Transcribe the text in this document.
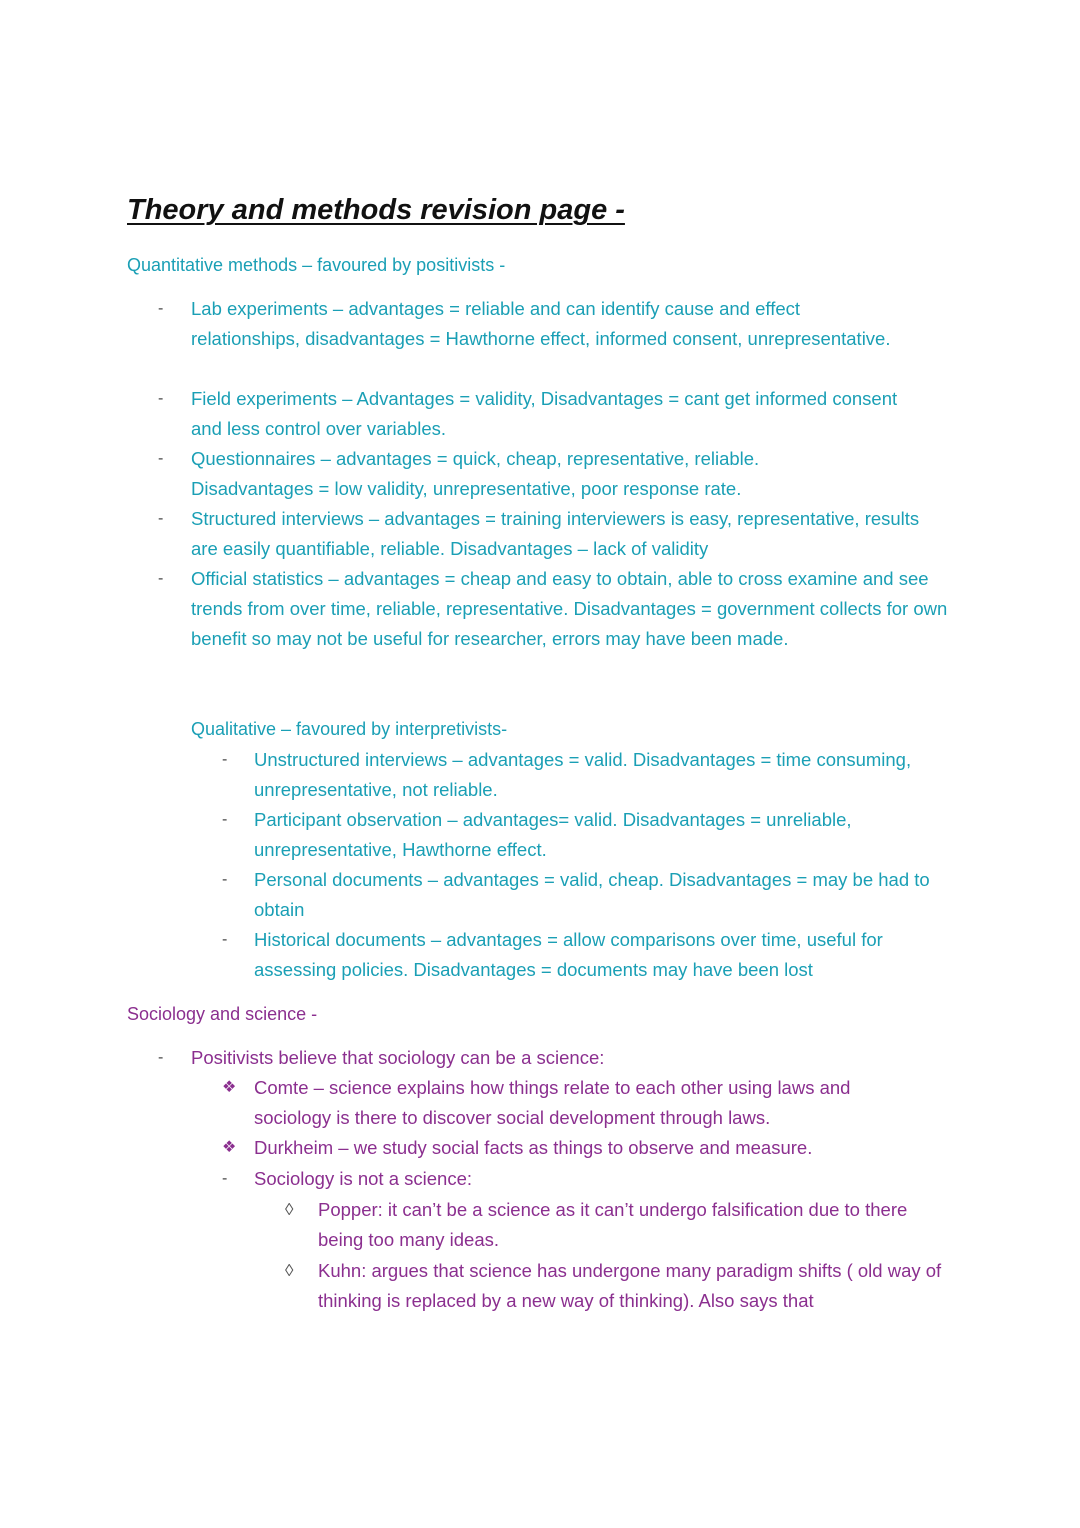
Theory and methods revision page -
Quantitative methods – favoured by positivists -
- Lab experiments – advantages = reliable and can identify cause and effect relationships, disadvantages = Hawthorne effect, informed consent, unrepresentative.

- Field experiments – Advantages = validity, Disadvantages = cant get informed consent and less control over variables.

- Questionnaires – advantages = quick, cheap, representative, reliable. Disadvantages = low validity, unrepresentative, poor response rate.

- Structured interviews – advantages = training interviewers is easy, representative, results are easily quantifiable, reliable. Disadvantages – lack of validity

- Official statistics – advantages = cheap and easy to obtain, able to cross examine and see trends from over time, reliable, representative. Disadvantages = government collects for own benefit so may not be useful for researcher, errors may have been made.

Qualitative – favoured by interpretivists-
- Unstructured interviews – advantages = valid. Disadvantages = time consuming, unrepresentative, not reliable.

- Participant observation – advantages= valid. Disadvantages = unreliable, unrepresentative, Hawthorne effect.

- Personal documents – advantages = valid, cheap. Disadvantages = may be had to obtain

- Historical documents – advantages = allow comparisons over time, useful for assessing policies. Disadvantages = documents may have been lost

Sociology and science -
- Positivists believe that sociology can be a science:

❖ Comte – science explains how things relate to each other using laws and sociology is there to discover social development through laws.

❖ Durkheim – we study social facts as things to observe and measure.

- Sociology is not a science:

◊ Popper: it can’t be a science as it can’t undergo falsification due to there being too many ideas.

◊ Kuhn: argues that science has undergone many paradigm shifts ( old way of thinking is replaced by a new way of thinking). Also says that
